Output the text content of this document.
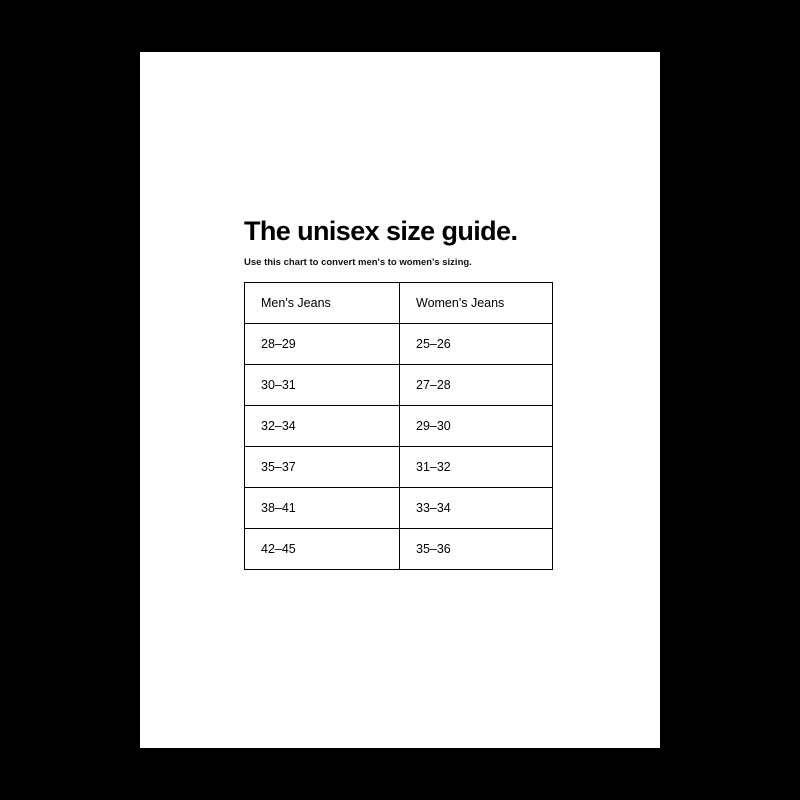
The unisex size guide.

Use this chart to convert men's to women's sizing.

Men's Jeans	Women's Jeans
28–29	25–26
30–31	27–28
32–34	29–30
35–37	31–32
38–41	33–34
42–45	35–36
